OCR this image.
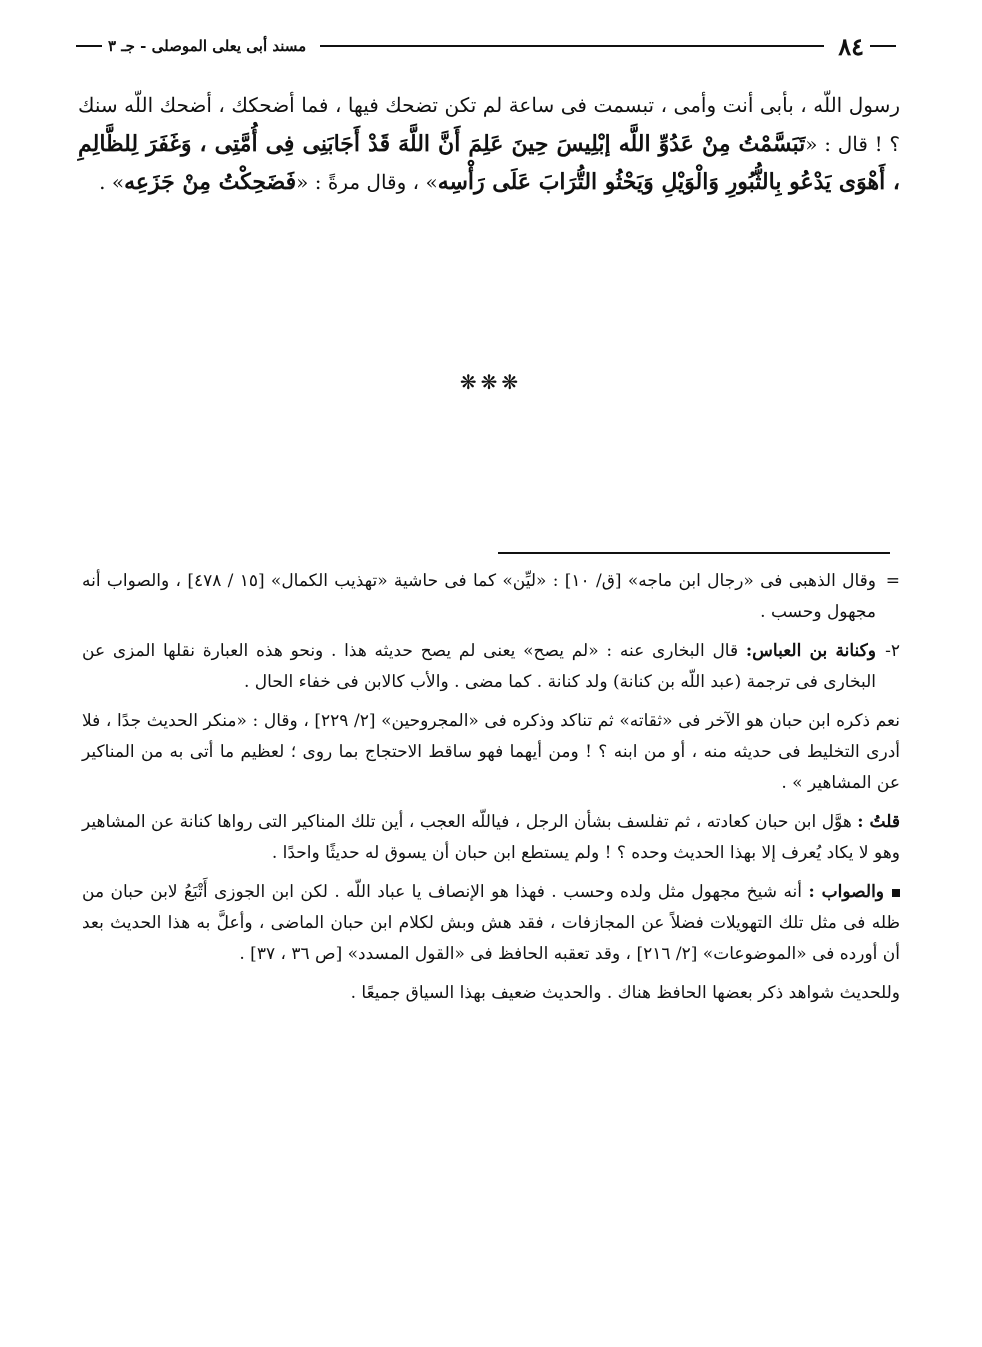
٨٤
مسند أبى يعلى الموصلى - جـ ٣

رسول اللّه ، بأبى أنت وأمى ، تبسمت فى ساعة لم تكن تضحك فيها ، فما أضحكك ، أضحك اللّه سنك ؟ ! قال : «تَبَسَّمْتُ مِنْ عَدُوِّ اللَّه إبْلِيسَ حِينَ عَلِمَ أَنَّ اللَّهَ قَدْ أَجَابَنِى فِى أُمَّتِى ، وَغَفَرَ لِلظَّالِمِ ، أَهْوَى يَدْعُو بِالثُّبُورِ وَالْوَيْلِ وَيَحْثُو التُّرَابَ عَلَى رَأْسِه» ، وقال مرةً : «فَضَحِكْتُ مِنْ جَزَعِه» .

❋❋❋

=
وقال الذهبى فى «رجال ابن ماجه» [ق/ ١٠] : «ليِّن» كما فى حاشية «تهذيب الكمال» [١٥ / ٤٧٨] ، والصواب أنه مجهول وحسب .

٢-
وكنانة بن العباس: قال البخارى عنه : «لم يصح» يعنى لم يصح حديثه هذا . ونحو هذه العبارة نقلها المزى عن البخارى فى ترجمة (عبد اللّه بن كنانة) ولد كنانة . كما مضى . والأب كالابن فى خفاء الحال .

نعم ذكره ابن حبان هو الآخر فى «ثقاته» ثم تناكد وذكره فى «المجروحين» [٢/ ٢٢٩] ، وقال : «منكر الحديث جدًا ، فلا أدرى التخليط فى حديثه منه ، أو من ابنه ؟ ! ومن أيهما فهو ساقط الاحتجاج بما روى ؛ لعظيم ما أتى به من المناكير عن المشاهير » .

قلتُ : هوَّل ابن حبان كعادته ، ثم تفلسف بشأن الرجل ، فياللّه العجب ، أين تلك المناكير التى رواها كنانة عن المشاهير وهو لا يكاد يُعرف إلا بهذا الحديث وحده ؟ ! ولم يستطع ابن حبان أن يسوق له حديثًا واحدًا .

والصواب : أنه شيخ مجهول مثل ولده وحسب . فهذا هو الإنصاف يا عباد اللّه . لكن ابن الجوزى أَتْبَعُ لابن حبان من ظله فى مثل تلك التهويلات فضلاً عن المجازفات ، فقد هش وبش لكلام ابن حبان الماضى ، وأعلَّ به هذا الحديث بعد أن أورده فى «الموضوعات» [٢/ ٢١٦] ، وقد تعقبه الحافظ فى «القول المسدد» [ص ٣٦ ، ٣٧] .

وللحديث شواهد ذكر بعضها الحافظ هناك . والحديث ضعيف بهذا السياق جميعًا .
